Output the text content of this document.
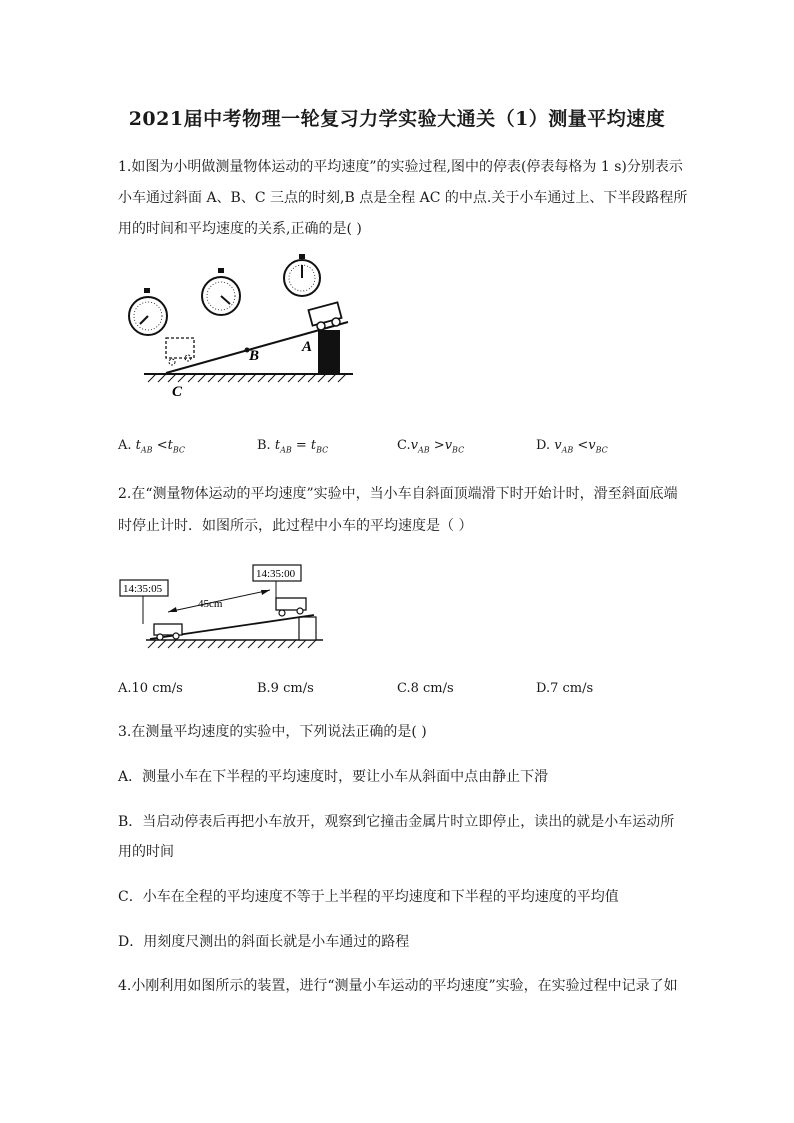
2021届中考物理一轮复习力学实验大通关（1）测量平均速度
1.如图为小明做测量物体运动的平均速度”的实验过程,图中的停表(停表每格为 1 s)分别表示
小车通过斜面 A、B、C 三点的时刻,B 点是全程 AC 的中点.关于小车通过上、下半段路程所
用的时间和平均速度的关系,正确的是( )
A
B
C
A. $t_{AB} <t_{BC}$	B. $t_{AB} = t_{BC}$	$C.v_{AB} >v_{BC}$	D. $v_{AB} <v_{BC}$
2.在“测量物体运动的平均速度”实验中，当小车自斜面顶端滑下时开始计时，滑至斜面底端
时停止计时．如图所示，此过程中小车的平均速度是（ ）
14:35:05
14:35:00
45cm
A.10 cm/s	B.9 cm/s	C.8 cm/s	D.7 cm/s
3.在测量平均速度的实验中，下列说法正确的是( )
A．测量小车在下半程的平均速度时，要让小车从斜面中点由静止下滑
B．当启动停表后再把小车放开，观察到它撞击金属片时立即停止，读出的就是小车运动所
用的时间
C．小车在全程的平均速度不等于上半程的平均速度和下半程的平均速度的平均值
D．用刻度尺测出的斜面长就是小车通过的路程
4.小刚利用如图所示的装置，进行“测量小车运动的平均速度”实验，在实验过程中记录了如
